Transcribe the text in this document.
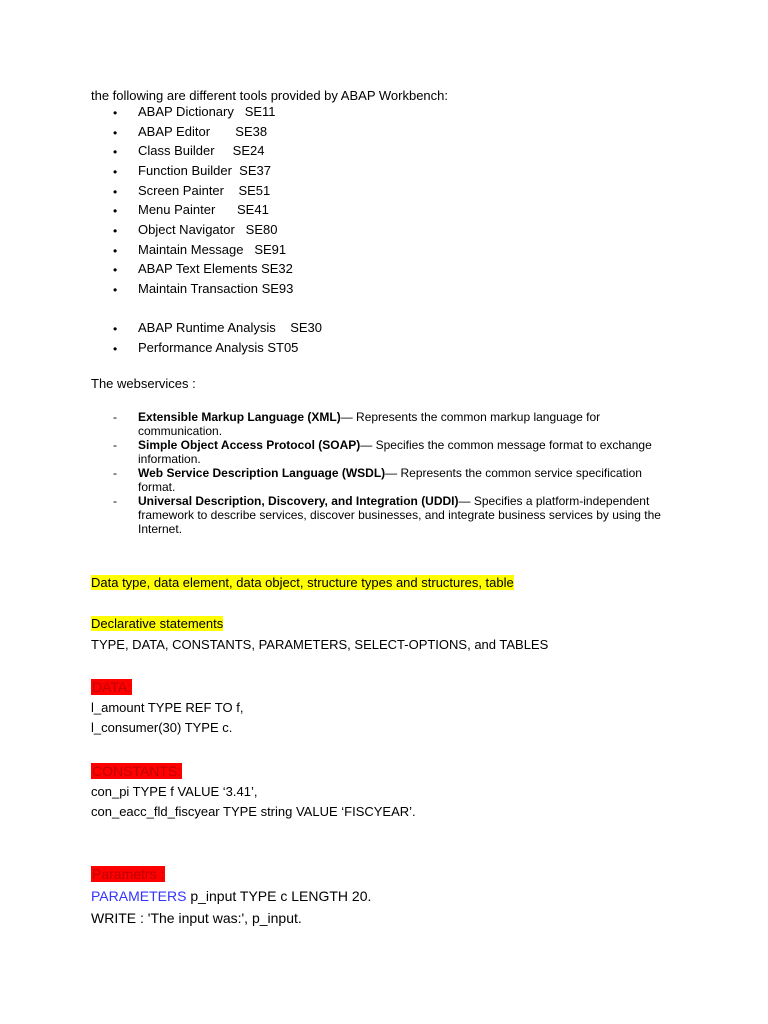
the following are different tools provided by ABAP Workbench:
• ABAP Dictionary   SE11
• ABAP Editor       SE38
• Class Builder     SE24
• Function Builder  SE37
• Screen Painter    SE51
• Menu Painter      SE41
• Object Navigator   SE80
• Maintain Message   SE91
• ABAP Text Elements SE32
• Maintain Transaction SE93
• ABAP Runtime Analysis    SE30
• Performance Analysis ST05
The webservices :
- Extensible Markup Language (XML)— Represents the common markup language for communication.
- Simple Object Access Protocol (SOAP)— Specifies the common message format to exchange information.
- Web Service Description Language (WSDL)— Represents the common service specification format.
- Universal Description, Discovery, and Integration (UDDI)— Specifies a platform-independent framework to describe services, discover businesses, and integrate business services by using the Internet.
Data type, data element, data object, structure types and structures, table
Declarative statements
TYPE, DATA, CONSTANTS, PARAMETERS, SELECT-OPTIONS, and TABLES
DATA:
l_amount TYPE REF TO f,
l_consumer(30) TYPE c.
CONSTANTS:
con_pi TYPE f VALUE ‘3.41’,
con_eacc_fld_fiscyear TYPE string VALUE ‘FISCYEAR’.
Parametrs :
PARAMETERS p_input TYPE c LENGTH 20.
WRITE : 'The input was:', p_input.
